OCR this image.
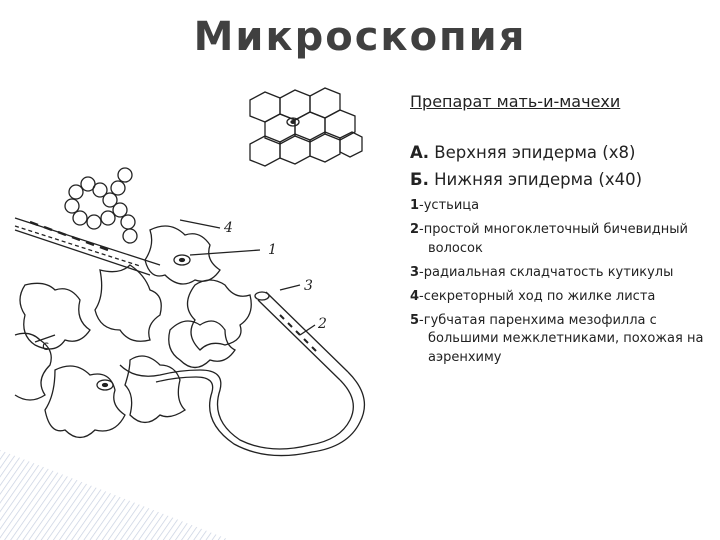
Микроскопия
1
4
3
2
с
Препарат мать-и-мачехи
А. Верхняя эпидерма (х8)
Б. Нижняя эпидерма (х40)
1-устьица
2-простой многоклеточный бичевидный волосок
3-радиальная складчатость кутикулы
4-секреторный ход по жилке листа
5-губчатая паренхима мезофилла с большими межклетниками, похожая на аэренхиму
